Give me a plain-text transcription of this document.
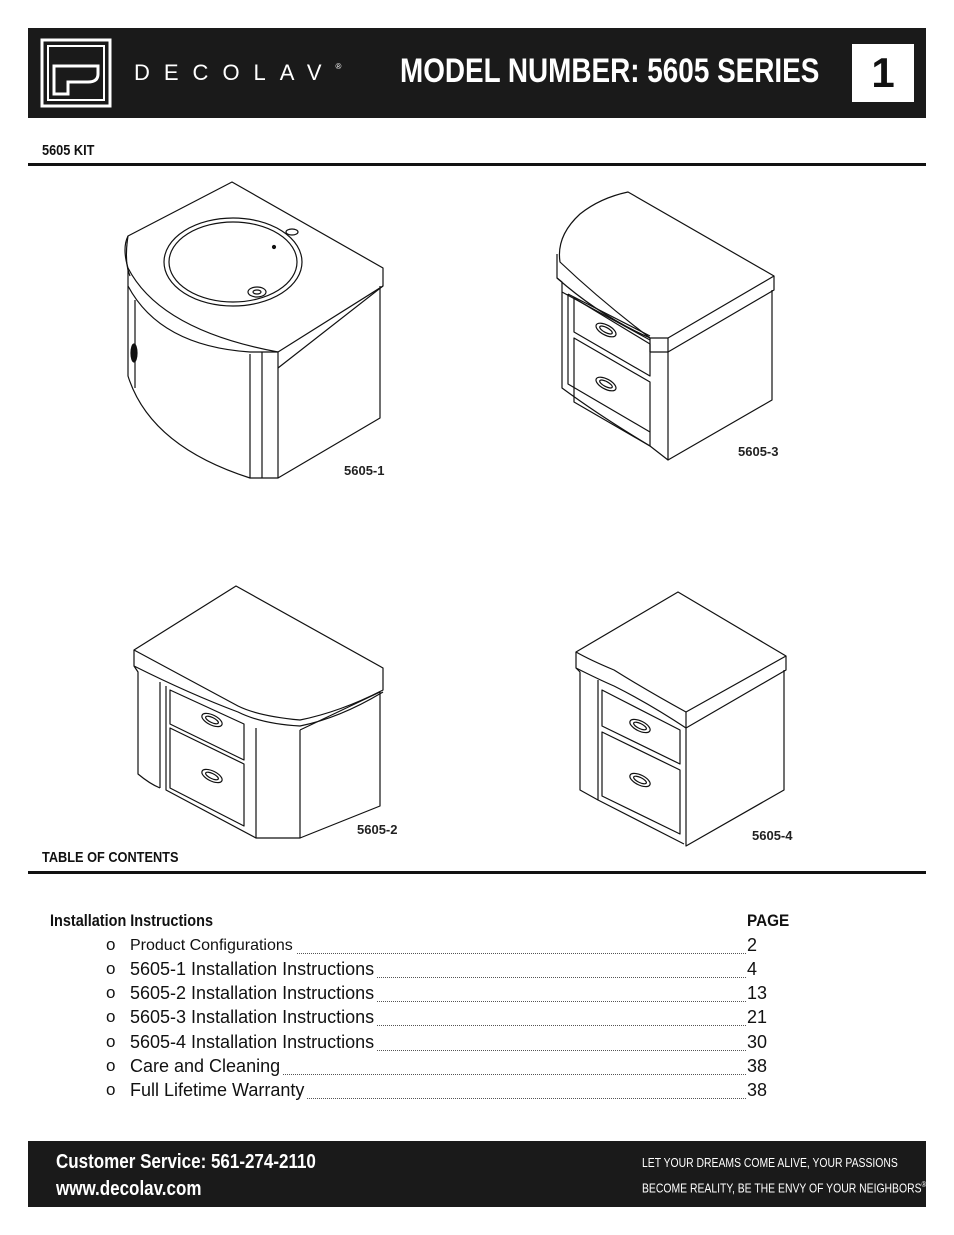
DECOLAV® MODEL NUMBER: 5605 SERIES	1
5605 KIT
5605-1
5605-3
5605-2	5605-4
TABLE OF CONTENTS
Installation Instructions	PAGE
o Product Configurations	2
o 5605-1 Installation Instructions	4
o 5605-2 Installation Instructions	13
o 5605-3 Installation Instructions	21
o 5605-4 Installation Instructions	30
o Care and Cleaning	38
o Full Lifetime Warranty	38
Customer Service: 561-274-2110
www.decolav.com
LET YOUR DREAMS COME ALIVE, YOUR PASSIONS
BECOME REALITY, BE THE ENVY OF YOUR NEIGHBORS®
